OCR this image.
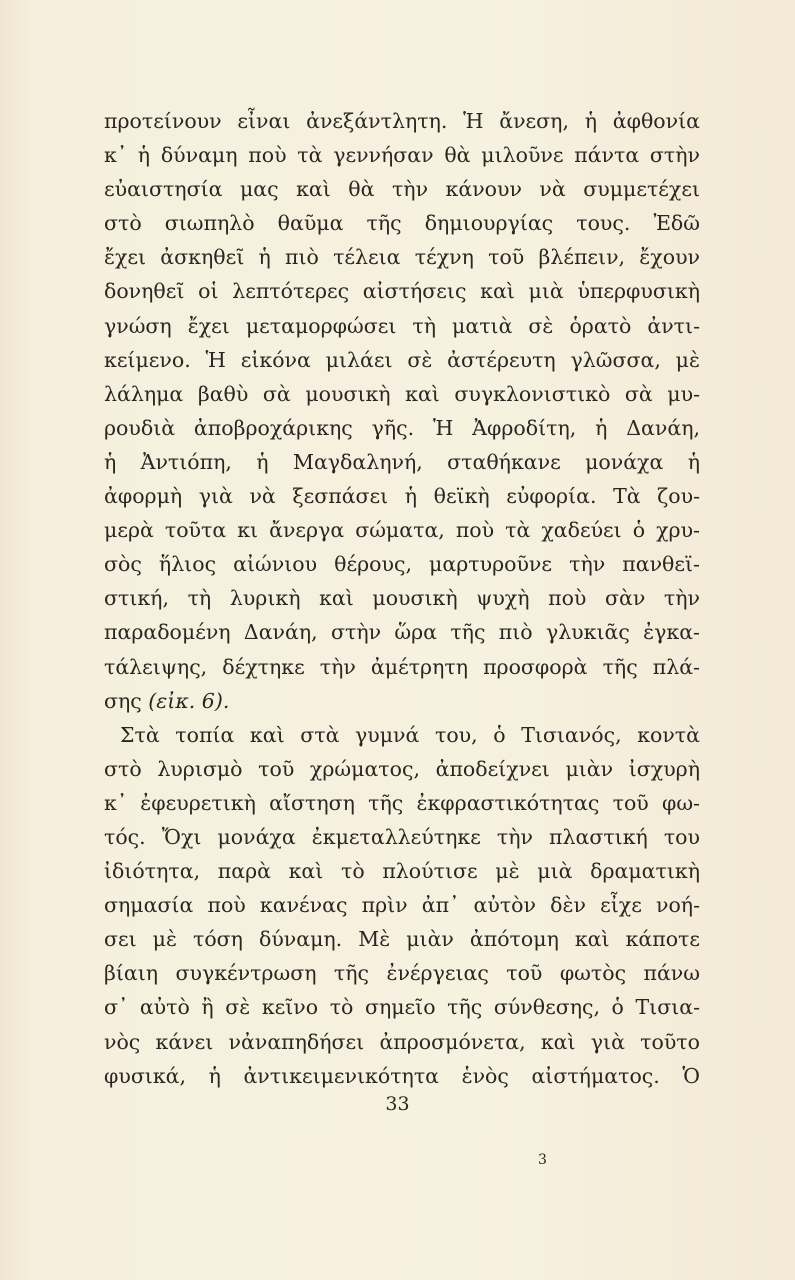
προτείνουν εἶναι ἀνεξάντλητη. Ἡ ἄνεση, ἡ ἀφθονία
κ᾽ ἡ δύναμη ποὺ τὰ γεννήσαν θὰ μιλοῦνε πάντα στὴν
εὐαιστησία μας καὶ θὰ τὴν κάνουν νὰ συμμετέχει
στὸ σιωπηλὸ θαῦμα τῆς δημιουργίας τους. Ἐδῶ
ἔχει ἀσκηθεῖ ἡ πιὸ τέλεια τέχνη τοῦ βλέπειν, ἔχουν
δονηθεῖ οἱ λεπτότερες αἰστήσεις καὶ μιὰ ὑπερφυσικὴ
γνώση ἔχει μεταμορφώσει τὴ ματιὰ σὲ ὁρατὸ ἀντι-
κείμενο. Ἡ εἰκόνα μιλάει σὲ ἀστέρευτη γλῶσσα, μὲ
λάλημα βαθὺ σὰ μουσικὴ καὶ συγκλονιστικὸ σὰ μυ-
ρουδιὰ ἀποβροχάρικης γῆς. Ἡ Ἀφροδίτη, ἡ Δανάη,
ἡ Ἀντιόπη, ἡ Μαγδαληνή, σταθήκανε μονάχα ἡ
ἀφορμὴ γιὰ νὰ ξεσπάσει ἡ θεϊκὴ εὐφορία. Τὰ ζου-
μερὰ τοῦτα κι ἄνεργα σώματα, ποὺ τὰ χαδεύει ὁ χρυ-
σὸς ἥλιος αἰώνιου θέρους, μαρτυροῦνε τὴν πανθεϊ-
στική, τὴ λυρικὴ καὶ μουσικὴ ψυχὴ ποὺ σὰν τὴν
παραδομένη Δανάη, στὴν ὥρα τῆς πιὸ γλυκιᾶς ἐγκα-
τάλειψης, δέχτηκε τὴν ἀμέτρητη προσφορὰ τῆς πλά-
σης (εἰκ. 6).
Στὰ τοπία καὶ στὰ γυμνά του, ὁ Τισιανός, κοντὰ
στὸ λυρισμὸ τοῦ χρώματος, ἀποδείχνει μιὰν ἰσχυρὴ
κ᾽ ἐφευρετικὴ αἴστηση τῆς ἐκφραστικότητας τοῦ φω-
τός. Ὄχι μονάχα ἐκμεταλλεύτηκε τὴν πλαστική του
ἰδιότητα, παρὰ καὶ τὸ πλούτισε μὲ μιὰ δραματικὴ
σημασία ποὺ κανένας πρὶν ἀπ᾽ αὐτὸν δὲν εἶχε νοή-
σει μὲ τόση δύναμη. Μὲ μιὰν ἀπότομη καὶ κάποτε
βίαιη συγκέντρωση τῆς ἐνέργειας τοῦ φωτὸς πάνω
σ᾽ αὐτὸ ἢ σὲ κεῖνο τὸ σημεῖο τῆς σύνθεσης, ὁ Τισια-
νὸς κάνει νἀναπηδήσει ἀπροσμόνετα, καὶ γιὰ τοῦτο
φυσικά, ἡ ἀντικειμενικότητα ἑνὸς αἰστήματος. Ὁ
33
3
